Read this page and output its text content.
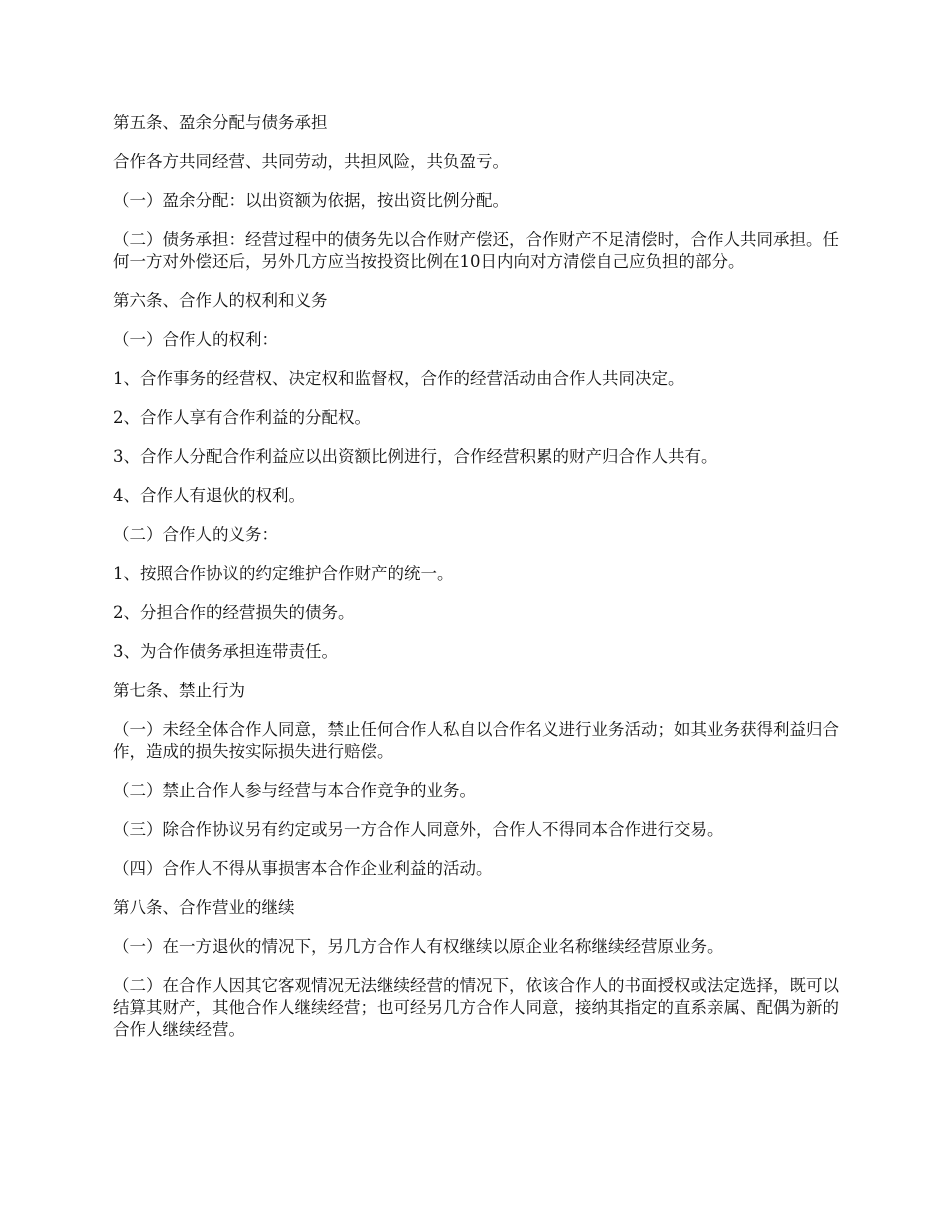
第五条、盈余分配与债务承担

合作各方共同经营、共同劳动，共担风险，共负盈亏。

（一）盈余分配：以出资额为依据，按出资比例分配。

（二）债务承担：经营过程中的债务先以合作财产偿还，合作财产不足清偿时，合作人共同承担。任何一方对外偿还后，另外几方应当按投资比例在10日内向对方清偿自己应负担的部分。

第六条、合作人的权利和义务

（一）合作人的权利：

1、合作事务的经营权、决定权和监督权，合作的经营活动由合作人共同决定。

2、合作人享有合作利益的分配权。

3、合作人分配合作利益应以出资额比例进行，合作经营积累的财产归合作人共有。

4、合作人有退伙的权利。

（二）合作人的义务：

1、按照合作协议的约定维护合作财产的统一。

2、分担合作的经营损失的债务。

3、为合作债务承担连带责任。

第七条、禁止行为

（一）未经全体合作人同意，禁止任何合作人私自以合作名义进行业务活动；如其业务获得利益归合作，造成的损失按实际损失进行赔偿。

（二）禁止合作人参与经营与本合作竞争的业务。

（三）除合作协议另有约定或另一方合作人同意外，合作人不得同本合作进行交易。

（四）合作人不得从事损害本合作企业利益的活动。

第八条、合作营业的继续

（一）在一方退伙的情况下，另几方合作人有权继续以原企业名称继续经营原业务。

（二）在合作人因其它客观情况无法继续经营的情况下，依该合作人的书面授权或法定选择，既可以结算其财产，其他合作人继续经营；也可经另几方合作人同意，接纳其指定的直系亲属、配偶为新的合作人继续经营。
